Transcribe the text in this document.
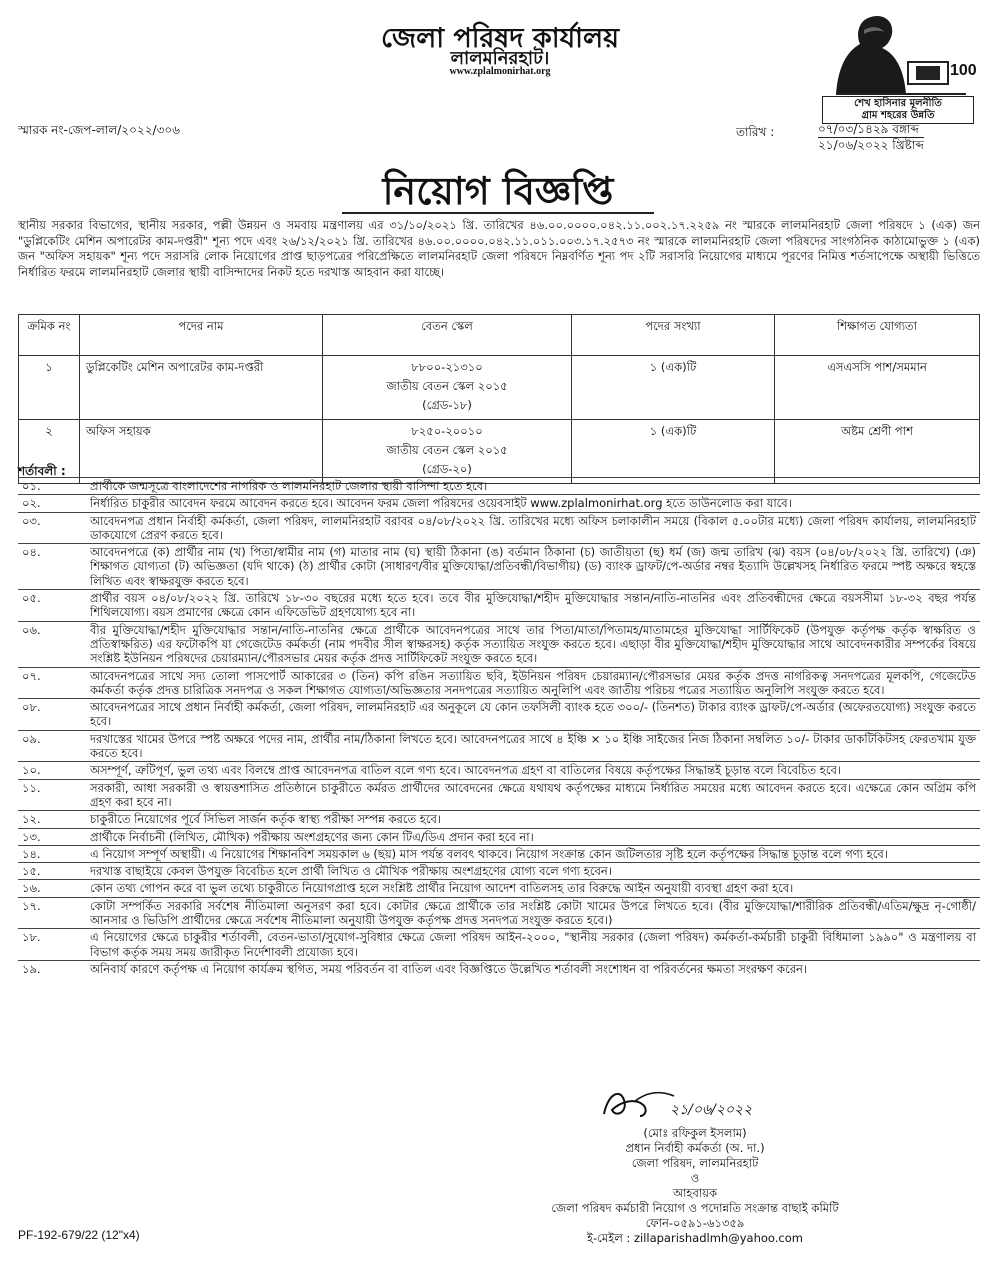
জেলা পরিষদ কার্যালয়
লালমনিরহাট।
www.zplalmonirhat.org	100
শেখ হাসিনার মূলনীতি
গ্রাম শহরের উন্নতি
স্মারক নং-জেপ-লাল/২০২২/৩০৬	তারিখ :	০৭/০৩/১৪২৯ বঙ্গাব্দ
২১/০৬/২০২২ খ্রিষ্টাব্দ
নিয়োগ বিজ্ঞপ্তি
স্থানীয় সরকার বিভাগের, স্থানীয় সরকার, পল্লী উন্নয়ন ও সমবায় মন্ত্রণালয় এর ৩১/১০/২০২১ খ্রি. তারিখের ৪৬.০০.০০০০.০৪২.১১.০০২.১৭.২২৫৯ নং স্মারকে লালমনিরহাট জেলা পরিষদে ১ (এক) জন "ডুপ্লিকেটিং মেশিন অপারেটর কাম-দপ্তরী" শূন্য পদে এবং ২৬/১২/২০২১ খ্রি. তারিখের ৪৬.০০.০০০০.০৪২.১১.০১১.০০৩.১৭.২৫৭৩ নং স্মারকে লালমনিরহাট জেলা পরিষদের সাংগঠনিক কাঠামোভুক্ত ১ (এক) জন "অফিস সহায়ক" শূন্য পদে সরাসরি লোক নিয়োগের প্রাপ্ত ছাড়পত্রের পরিপ্রেক্ষিতে লালমনিরহাট জেলা পরিষদে নিম্নবর্ণিত শূন্য পদ ২টি সরাসরি নিয়োগের মাধ্যমে পূরণের নিমিত্ত শর্তসাপেক্ষে অস্থায়ী ভিত্তিতে নির্ধারিত ফরমে লালমনিরহাট জেলার স্থায়ী বাসিন্দাদের নিকট হতে দরখাস্ত আহবান করা যাচ্ছে।
ক্রমিক নং	পদের নাম	বেতন স্কেল	পদের সংখ্যা	শিক্ষাগত যোগ্যতা
১	ডুপ্লিকেটিং মেশিন অপারেটর কাম-দপ্তরী	৮৮০০-২১৩১০
জাতীয় বেতন স্কেল ২০১৫
(গ্রেড-১৮)	১ (এক)টি	এসএসসি পাশ/সমমান
২	অফিস সহায়ক	৮২৫০-২০০১০
জাতীয় বেতন স্কেল ২০১৫
(গ্রেড-২০)	১ (এক)টি	অষ্টম শ্রেণী পাশ
শর্তাবলী :
০১.	প্রার্থীকে জন্মসূত্রে বাংলাদেশের নাগরিক ও লালমনিরহাট জেলার স্থায়ী বাসিন্দা হতে হবে।
০২.	নির্ধারিত চাকুরীর আবেদন ফরমে আবেদন করতে হবে। আবেদন ফরম জেলা পরিষদের ওয়েবসাইট www.zplalmonirhat.org হতে ডাউনলোড করা যাবে।
০৩.	আবেদনপত্র প্রধান নির্বাহী কর্মকর্তা, জেলা পরিষদ, লালমনিরহাট বরাবর ০৪/০৮/২০২২ খ্রি. তারিখের মধ্যে অফিস চলাকালীন সময়ে (বিকাল ৫.০০টার মধ্যে) জেলা পরিষদ কার্যালয়, লালমনিরহাট ডাকযোগে প্রেরণ করতে হবে।
০৪.	আবেদনপত্রে (ক) প্রার্থীর নাম (খ) পিতা/স্বামীর নাম (গ) মাতার নাম (ঘ) স্থায়ী ঠিকানা (ঙ) বর্তমান ঠিকানা (চ) জাতীয়তা (ছ) ধর্ম (জ) জন্ম তারিখ (ঝ) বয়স (০৪/০৮/২০২২ খ্রি. তারিখে) (ঞ) শিক্ষাগত যোগ্যতা (ট) অভিজ্ঞতা (যদি থাকে) (ঠ) প্রার্থীর কোটা (সাধারণ/বীর মুক্তিযোদ্ধা/প্রতিবন্ধী/বিভাগীয়) (ড) ব্যাংক ড্রাফট/পে-অর্ডার নম্বর ইত্যাদি উল্লেখসহ নির্ধারিত ফরমে স্পষ্ট অক্ষরে স্বহস্তে লিখিত এবং স্বাক্ষরযুক্ত করতে হবে।
০৫.	প্রার্থীর বয়স ০৪/০৮/২০২২ খ্রি. তারিখে ১৮-৩০ বছরের মধ্যে হতে হবে। তবে বীর মুক্তিযোদ্ধা/শহীদ মুক্তিযোদ্ধার সন্তান/নাতি-নাতনির এবং প্রতিবন্ধীদের ক্ষেত্রে বয়সসীমা ১৮-৩২ বছর পর্যন্ত শিথিলযোগ্য। বয়স প্রমাণের ক্ষেত্রে কোন এফিডেভিট গ্রহণযোগ্য হবে না।
০৬.	বীর মুক্তিযোদ্ধা/শহীদ মুক্তিযোদ্ধার সন্তান/নাতি-নাতনির ক্ষেত্রে প্রার্থীকে আবেদনপত্রের সাথে তার পিতা/মাতা/পিতামহ/মাতামহের মুক্তিযোদ্ধা সার্টিফিকেট (উপযুক্ত কর্তৃপক্ষ কর্তৃক স্বাক্ষরিত ও প্রতিস্বাক্ষরিত) এর ফটোকপি যা গেজেটেড কর্মকর্তা (নাম পদবীর সীল স্বাক্ষরসহ) কর্তৃক সত্যায়িত সংযুক্ত করতে হবে। এছাড়া বীর মুক্তিযোদ্ধা/শহীদ মুক্তিযোদ্ধার সাথে আবেদনকারীর সম্পর্কের বিষয়ে সংশ্লিষ্ট ইউনিয়ন পরিষদের চেয়ারম্যান/পৌরসভার মেয়র কর্তৃক প্রদত্ত সার্টিফিকেট সংযুক্ত করতে হবে।
০৭.	আবেদনপত্রের সাথে সদ্য তোলা পাসপোর্ট আকারের ৩ (তিন) কপি রঙিন সত্যায়িত ছবি, ইউনিয়ন পরিষদ চেয়ারম্যান/পৌরসভার মেয়র কর্তৃক প্রদত্ত নাগরিকত্ব সনদপত্রের মূলকপি, গেজেটেড কর্মকর্তা কর্তৃক প্রদত্ত চারিত্রিক সনদপত্র ও সকল শিক্ষাগত যোগ্যতা/অভিজ্ঞতার সনদপত্রের সত্যায়িত অনুলিপি এবং জাতীয় পরিচয় পত্রের সত্যায়িত অনুলিপি সংযুক্ত করতে হবে।
০৮.	আবেদনপত্রের সাথে প্রধান নির্বাহী কর্মকর্তা, জেলা পরিষদ, লালমনিরহাট এর অনুকূলে যে কোন তফসিলী ব্যাংক হতে ৩০০/- (তিনশত) টাকার ব্যাংক ড্রাফট/পে-অর্ডার (অফেরতযোগ্য) সংযুক্ত করতে হবে।
০৯.	দরখাস্তের খামের উপরে স্পষ্ট অক্ষরে পদের নাম, প্রার্থীর নাম/ঠিকানা লিখতে হবে। আবেদনপত্রের সাথে ৪ ইঞ্চি × ১০ ইঞ্চি সাইজের নিজ ঠিকানা সম্বলিত ১০/- টাকার ডাকটিকিটসহ ফেরতখাম যুক্ত করতে হবে।
১০.	অসম্পূর্ণ, ত্রুটিপূর্ণ, ভুল তথ্য এবং বিলম্বে প্রাপ্ত আবেদনপত্র বাতিল বলে গণ্য হবে। আবেদনপত্র গ্রহণ বা বাতিলের বিষয়ে কর্তৃপক্ষের সিদ্ধান্তই চূড়ান্ত বলে বিবেচিত হবে।
১১.	সরকারী, আধা সরকারী ও স্বায়ত্তশাসিত প্রতিষ্ঠানে চাকুরীতে কর্মরত প্রার্থীদের আবেদনের ক্ষেত্রে যথাযথ কর্তৃপক্ষের মাধ্যমে নির্ধারিত সময়ের মধ্যে আবেদন করতে হবে। এক্ষেত্রে কোন অগ্রিম কপি গ্রহণ করা হবে না।
১২.	চাকুরীতে নিয়োগের পূর্বে সিভিল সার্জন কর্তৃক স্বাস্থ্য পরীক্ষা সম্পন্ন করতে হবে।
১৩.	প্রার্থীকে নির্বাচনী (লিখিত, মৌখিক) পরীক্ষায় অংশগ্রহণের জন্য কোন টিএ/ডিএ প্রদান করা হবে না।
১৪.	এ নিয়োগ সম্পূর্ণ অস্থায়ী। এ নিয়োগের শিক্ষানবিশ সময়কাল ৬ (ছয়) মাস পর্যন্ত বলবৎ থাকবে। নিয়োগ সংক্রান্ত কোন জটিলতার সৃষ্টি হলে কর্তৃপক্ষের সিদ্ধান্ত চূড়ান্ত বলে গণ্য হবে।
১৫.	দরখাস্ত বাছাইয়ে কেবল উপযুক্ত বিবেচিত হলে প্রার্থী লিখিত ও মৌখিক পরীক্ষায় অংশগ্রহণের যোগ্য বলে গণ্য হবেন।
১৬.	কোন তথ্য গোপন করে বা ভুল তথ্যে চাকুরীতে নিয়োগপ্রাপ্ত হলে সংশ্লিষ্ট প্রার্থীর নিয়োগ আদেশ বাতিলসহ তার বিরুদ্ধে আইন অনুযায়ী ব্যবস্থা গ্রহণ করা হবে।
১৭.	কোটা সম্পর্কিত সরকারি সর্বশেষ নীতিমালা অনুসরণ করা হবে। কোটার ক্ষেত্রে প্রার্থীকে তার সংশ্লিষ্ট কোটা খামের উপরে লিখতে হবে। (বীর মুক্তিযোদ্ধা/শারীরিক প্রতিবন্ধী/এতিম/ক্ষুদ্র নৃ-গোষ্ঠী/আনসার ও ভিডিপি প্রার্থীদের ক্ষেত্রে সর্বশেষ নীতিমালা অনুযায়ী উপযুক্ত কর্তৃপক্ষ প্রদত্ত সনদপত্র সংযুক্ত করতে হবে।)
১৮.	এ নিয়োগের ক্ষেত্রে চাকুরীর শর্তাবলী, বেতন-ভাতা/সুযোগ-সুবিধার ক্ষেত্রে জেলা পরিষদ আইন-২০০০, "স্থানীয় সরকার (জেলা পরিষদ) কর্মকর্তা-কর্মচারী চাকুরী বিধিমালা ১৯৯০" ও মন্ত্রণালয় বা বিভাগ কর্তৃক সময় সময় জারীকৃত নির্দেশাবলী প্রযোজ্য হবে।
১৯.	অনিবার্য কারণে কর্তৃপক্ষ এ নিয়োগ কার্যক্রম স্থগিত, সময় পরিবর্তন বা বাতিল এবং বিজ্ঞপ্তিতে উল্লেখিত শর্তাবলী সংশোধন বা পরিবর্তনের ক্ষমতা সংরক্ষণ করেন।
২১/০৬/২০২২
(মোঃ রফিকুল ইসলাম)
প্রধান নির্বাহী কর্মকর্তা (অ. দা.)
জেলা পরিষদ, লালমনিরহাট
ও
আহবায়ক
জেলা পরিষদ কর্মচারী নিয়োগ ও পদোন্নতি সংক্রান্ত বাছাই কমিটি
ফোন-০৫৯১-৬১৩৫৯
ই-মেইল : zillaparishadlmh@yahoo.com
PF-192-679/22 (12"x4)
